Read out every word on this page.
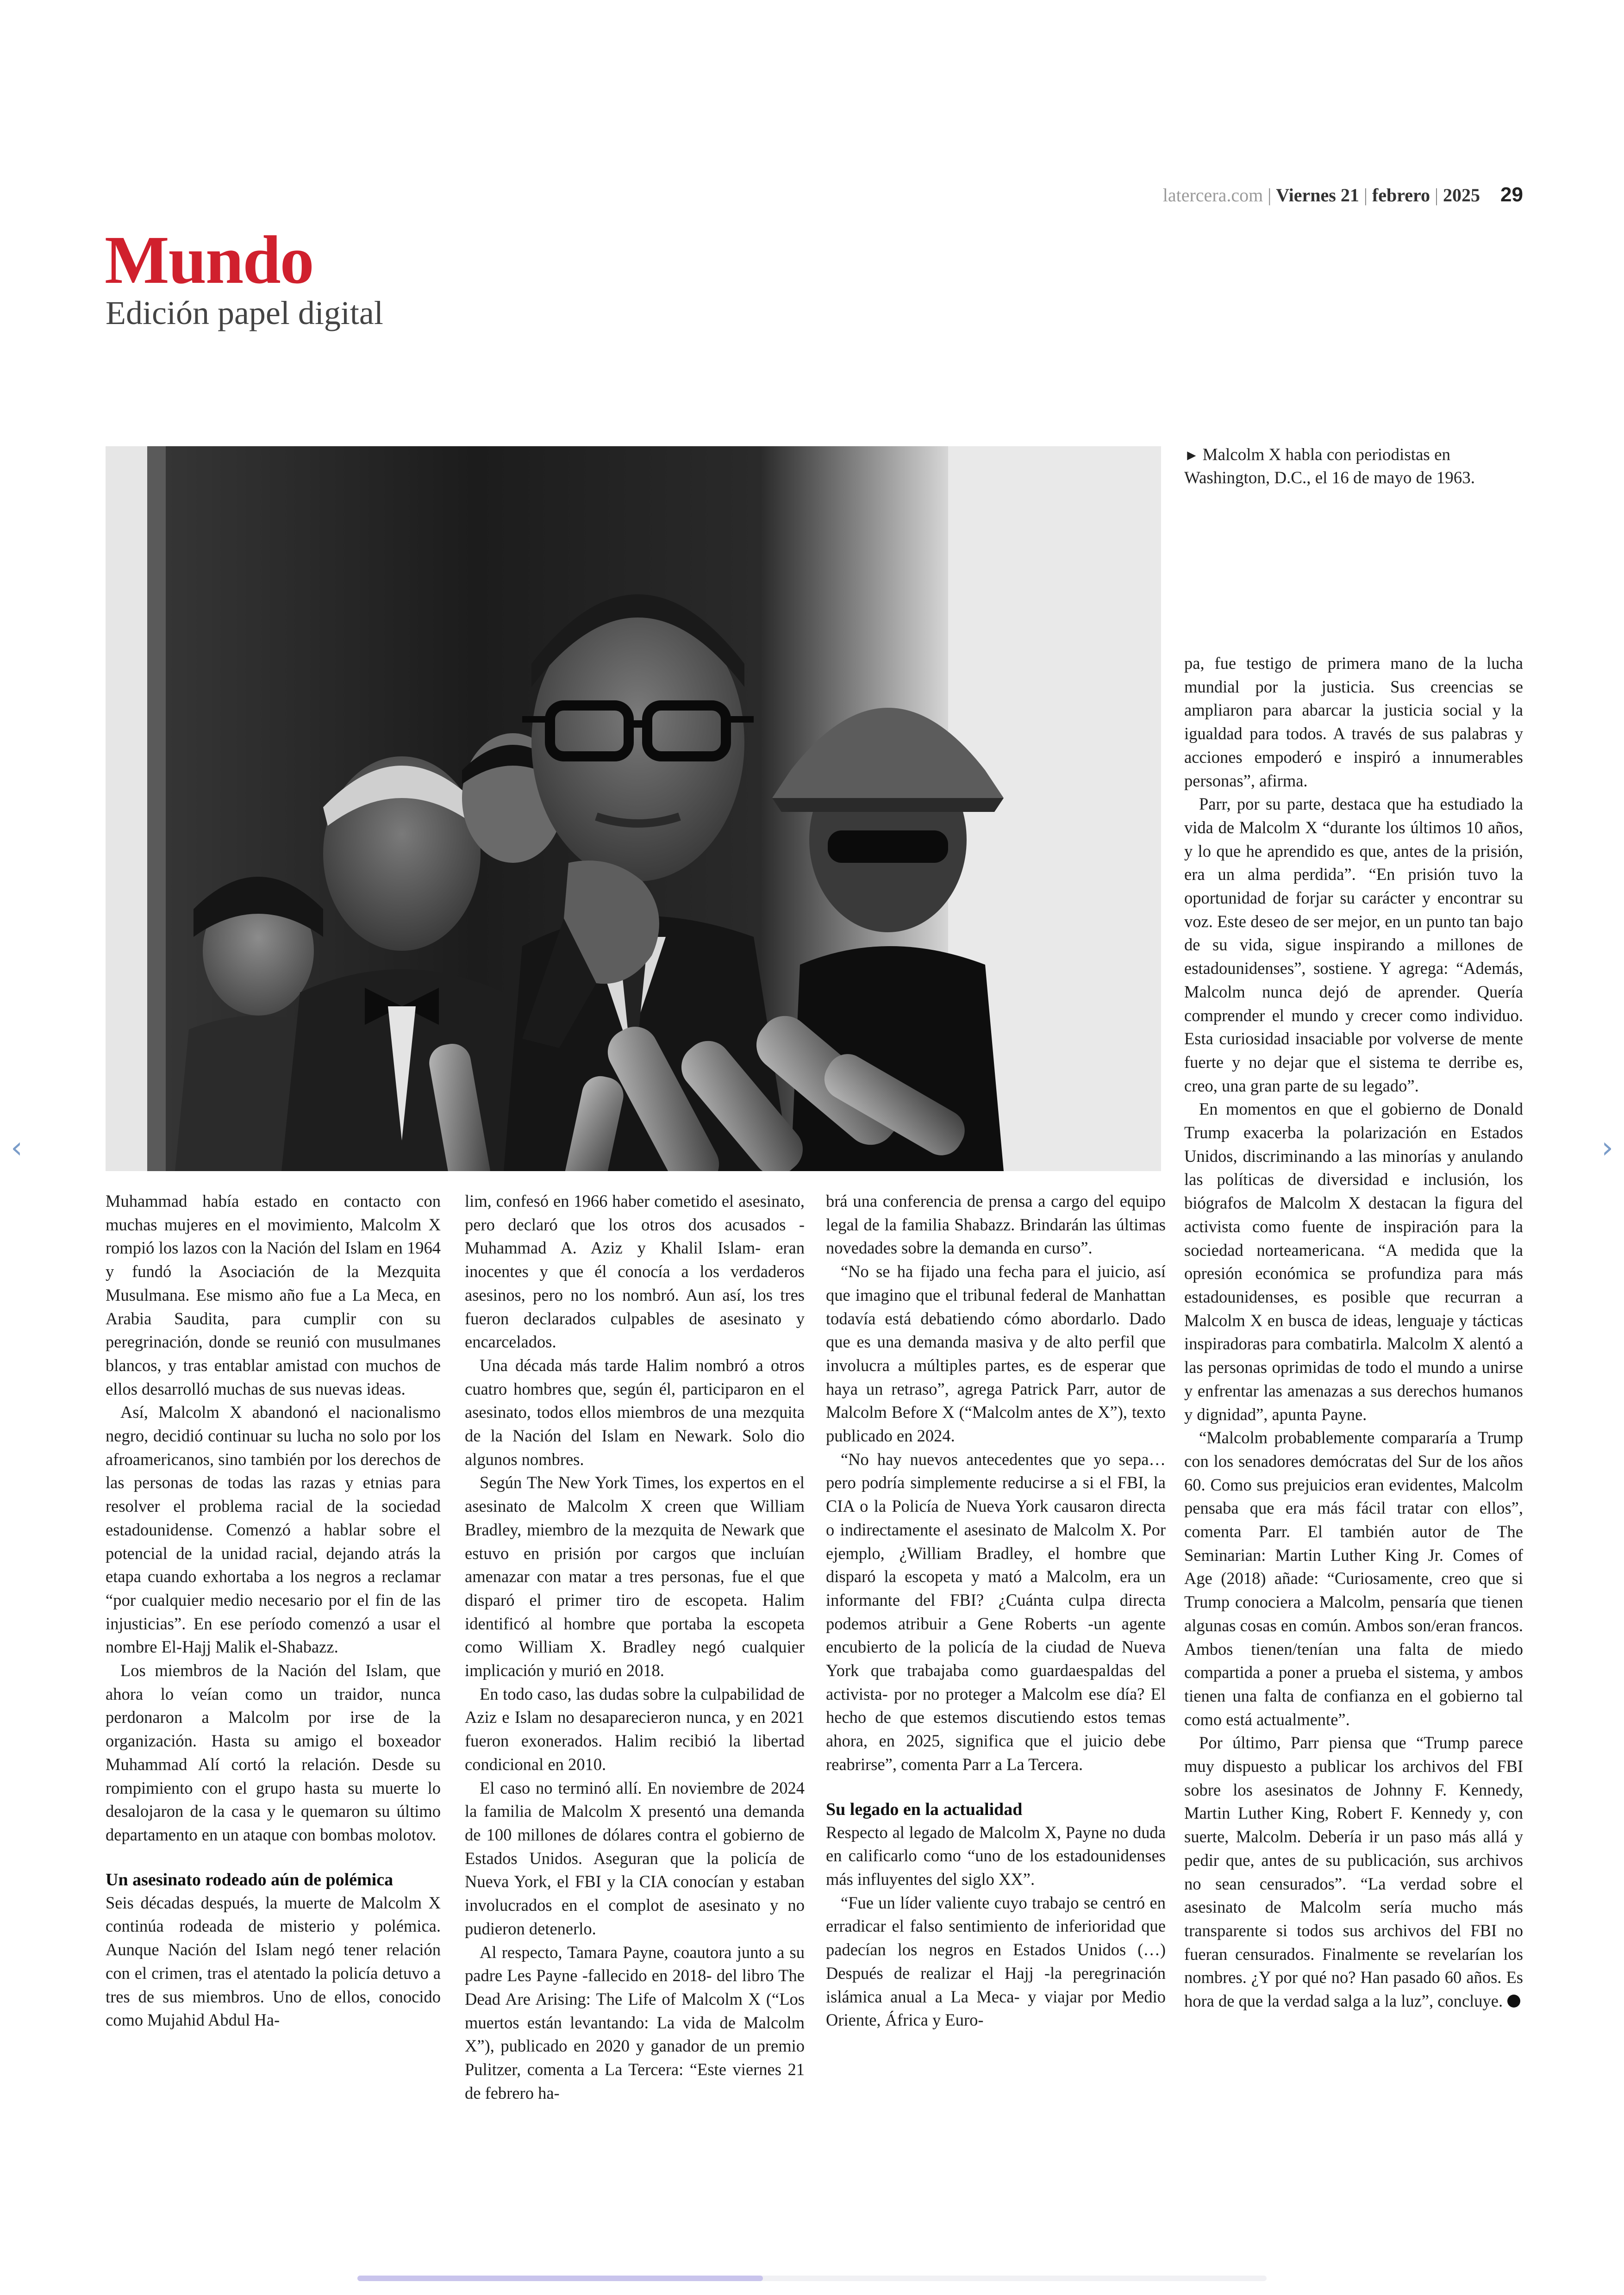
latercera.com | Viernes 21 | febrero | 2025 29
Mundo
Edición papel digital
► Malcolm X habla con periodistas en Washington, D.C., el 16 de mayo de 1963.

Muhammad había estado en contacto con muchas mujeres en el movimiento, Malcolm X rompió los lazos con la Nación del Islam en 1964 y fundó la Asociación de la Mezquita Musulmana. Ese mismo año fue a La Meca, en Arabia Saudita, para cumplir con su peregrinación, donde se reunió con musulmanes blancos, y tras entablar amistad con muchos de ellos desarrolló muchas de sus nuevas ideas.

Así, Malcolm X abandonó el nacionalismo negro, decidió continuar su lucha no solo por los afroamericanos, sino también por los derechos de las personas de todas las razas y etnias para resolver el problema racial de la sociedad estadounidense. Comenzó a hablar sobre el potencial de la unidad racial, dejando atrás la etapa cuando exhortaba a los negros a reclamar “por cualquier medio necesario por el fin de las injusticias”. En ese período comenzó a usar el nombre El-Hajj Malik el-Shabazz.

Los miembros de la Nación del Islam, que ahora lo veían como un traidor, nunca perdonaron a Malcolm por irse de la organización. Hasta su amigo el boxeador Muhammad Alí cortó la relación. Desde su rompimiento con el grupo hasta su muerte lo desalojaron de la casa y le quemaron su último departamento en un ataque con bombas molotov.

Un asesinato rodeado aún de polémica

Seis décadas después, la muerte de Malcolm X continúa rodeada de misterio y polémica. Aunque Nación del Islam negó tener relación con el crimen, tras el atentado la policía detuvo a tres de sus miembros. Uno de ellos, conocido como Mujahid Abdul Ha-

lim, confesó en 1966 haber cometido el asesinato, pero declaró que los otros dos acusados -Muhammad A. Aziz y Khalil Islam- eran inocentes y que él conocía a los verdaderos asesinos, pero no los nombró. Aun así, los tres fueron declarados culpables de asesinato y encarcelados.

Una década más tarde Halim nombró a otros cuatro hombres que, según él, participaron en el asesinato, todos ellos miembros de una mezquita de la Nación del Islam en Newark. Solo dio algunos nombres.

Según The New York Times, los expertos en el asesinato de Malcolm X creen que William Bradley, miembro de la mezquita de Newark que estuvo en prisión por cargos que incluían amenazar con matar a tres personas, fue el que disparó el primer tiro de escopeta. Halim identificó al hombre que portaba la escopeta como William X. Bradley negó cualquier implicación y murió en 2018.

En todo caso, las dudas sobre la culpabilidad de Aziz e Islam no desaparecieron nunca, y en 2021 fueron exonerados. Halim recibió la libertad condicional en 2010.

El caso no terminó allí. En noviembre de 2024 la familia de Malcolm X presentó una demanda de 100 millones de dólares contra el gobierno de Estados Unidos. Aseguran que la policía de Nueva York, el FBI y la CIA conocían y estaban involucrados en el complot de asesinato y no pudieron detenerlo.

Al respecto, Tamara Payne, coautora junto a su padre Les Payne -fallecido en 2018- del libro The Dead Are Arising: The Life of Malcolm X (“Los muertos están levantando: La vida de Malcolm X”), publicado en 2020 y ganador de un premio Pulitzer, comenta a La Tercera: “Este viernes 21 de febrero ha-

brá una conferencia de prensa a cargo del equipo legal de la familia Shabazz. Brindarán las últimas novedades sobre la demanda en curso”.

“No se ha fijado una fecha para el juicio, así que imagino que el tribunal federal de Manhattan todavía está debatiendo cómo abordarlo. Dado que es una demanda masiva y de alto perfil que involucra a múltiples partes, es de esperar que haya un retraso”, agrega Patrick Parr, autor de Malcolm Before X (“Malcolm antes de X”), texto publicado en 2024.

“No hay nuevos antecedentes que yo sepa… pero podría simplemente reducirse a si el FBI, la CIA o la Policía de Nueva York causaron directa o indirectamente el asesinato de Malcolm X. Por ejemplo, ¿William Bradley, el hombre que disparó la escopeta y mató a Malcolm, era un informante del FBI? ¿Cuánta culpa directa podemos atribuir a Gene Roberts -un agente encubierto de la policía de la ciudad de Nueva York que trabajaba como guardaespaldas del activista- por no proteger a Malcolm ese día? El hecho de que estemos discutiendo estos temas ahora, en 2025, significa que el juicio debe reabrirse”, comenta Parr a La Tercera.

Su legado en la actualidad

Respecto al legado de Malcolm X, Payne no duda en calificarlo como “uno de los estadounidenses más influyentes del siglo XX”.

“Fue un líder valiente cuyo trabajo se centró en erradicar el falso sentimiento de inferioridad que padecían los negros en Estados Unidos (…) Después de realizar el Hajj -la peregrinación islámica anual a La Meca- y viajar por Medio Oriente, África y Euro-

pa, fue testigo de primera mano de la lucha mundial por la justicia. Sus creencias se ampliaron para abarcar la justicia social y la igualdad para todos. A través de sus palabras y acciones empoderó e inspiró a innumerables personas”, afirma.

Parr, por su parte, destaca que ha estudiado la vida de Malcolm X “durante los últimos 10 años, y lo que he aprendido es que, antes de la prisión, era un alma perdida”. “En prisión tuvo la oportunidad de forjar su carácter y encontrar su voz. Este deseo de ser mejor, en un punto tan bajo de su vida, sigue inspirando a millones de estadounidenses”, sostiene. Y agrega: “Además, Malcolm nunca dejó de aprender. Quería comprender el mundo y crecer como individuo. Esta curiosidad insaciable por volverse de mente fuerte y no dejar que el sistema te derribe es, creo, una gran parte de su legado”.

En momentos en que el gobierno de Donald Trump exacerba la polarización en Estados Unidos, discriminando a las minorías y anulando las políticas de diversidad e inclusión, los biógrafos de Malcolm X destacan la figura del activista como fuente de inspiración para la sociedad norteamericana. “A medida que la opresión económica se profundiza para más estadounidenses, es posible que recurran a Malcolm X en busca de ideas, lenguaje y tácticas inspiradoras para combatirla. Malcolm X alentó a las personas oprimidas de todo el mundo a unirse y enfrentar las amenazas a sus derechos humanos y dignidad”, apunta Payne.

“Malcolm probablemente compararía a Trump con los senadores demócratas del Sur de los años 60. Como sus prejuicios eran evidentes, Malcolm pensaba que era más fácil tratar con ellos”, comenta Parr. El también autor de The Seminarian: Martin Luther King Jr. Comes of Age (2018) añade: “Curiosamente, creo que si Trump conociera a Malcolm, pensaría que tienen algunas cosas en común. Ambos son/eran francos. Ambos tienen/tenían una falta de miedo compartida a poner a prueba el sistema, y ambos tienen una falta de confianza en el gobierno tal como está actualmente”.

Por último, Parr piensa que “Trump parece muy dispuesto a publicar los archivos del FBI sobre los asesinatos de Johnny F. Kennedy, Martin Luther King, Robert F. Kennedy y, con suerte, Malcolm. Debería ir un paso más allá y pedir que, antes de su publicación, sus archivos no sean censurados”. “La verdad sobre el asesinato de Malcolm sería mucho más transparente si todos sus archivos del FBI no fueran censurados. Finalmente se revelarían los nombres. ¿Y por qué no? Han pasado 60 años. Es hora de que la verdad salga a la luz”, concluye.

‹	›
